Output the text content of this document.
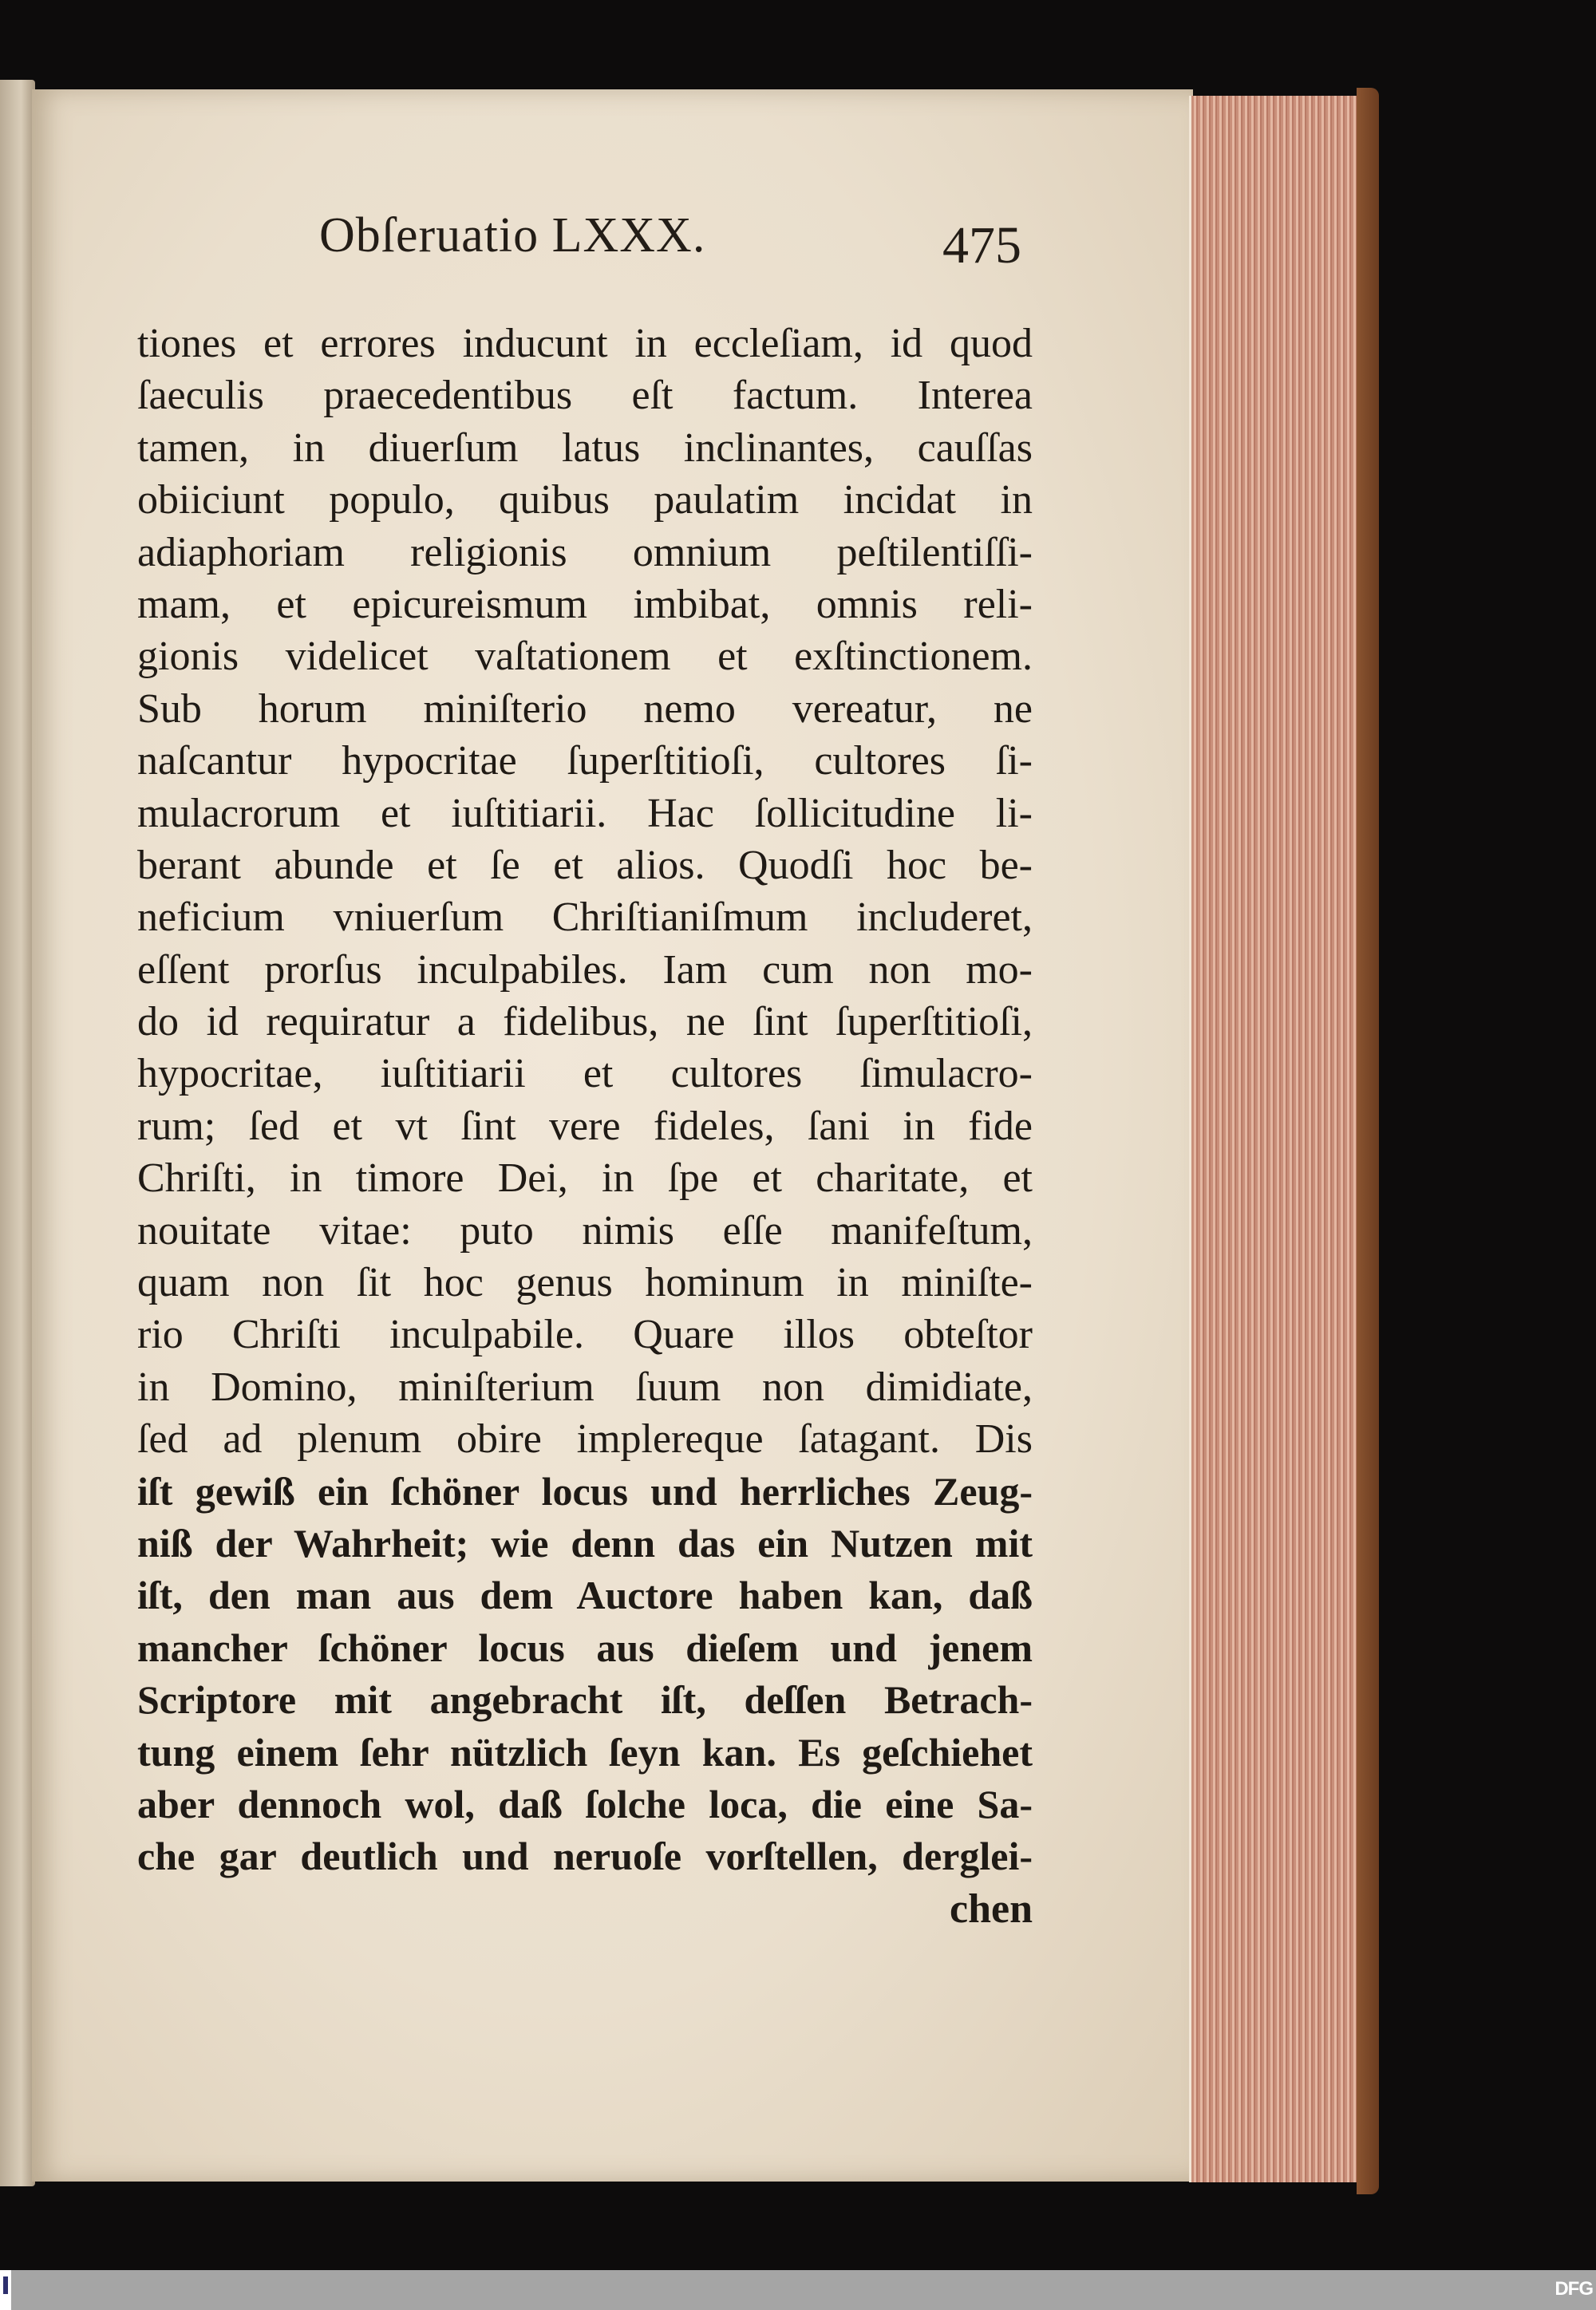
Obſeruatio LXXX.	475
tiones et errores inducunt in eccleſiam, id quod
ſaeculis praecedentibus eſt factum. Interea
tamen, in diuerſum latus inclinantes, cauſſas
obiiciunt populo, quibus paulatim incidat in
adiaphoriam religionis omnium peſtilentiſſi-
mam, et epicureismum imbibat, omnis reli-
gionis videlicet vaſtationem et exſtinctionem.
Sub horum miniſterio nemo vereatur, ne
naſcantur hypocritae ſuperſtitioſi, cultores ſi-
mulacrorum et iuſtitiarii. Hac ſollicitudine li-
berant abunde et ſe et alios. Quodſi hoc be-
neficium vniuerſum Chriſtianiſmum includeret,
eſſent prorſus inculpabiles. Iam cum non mo-
do id requiratur a fidelibus, ne ſint ſuperſtitioſi,
hypocritae, iuſtitiarii et cultores ſimulacro-
rum; ſed et vt ſint vere fideles, ſani in fide
Chriſti, in timore Dei, in ſpe et charitate, et
nouitate vitae: puto nimis eſſe manifeſtum,
quam non ſit hoc genus hominum in miniſte-
rio Chriſti inculpabile. Quare illos obteſtor
in Domino, miniſterium ſuum non dimidiate,
ſed ad plenum obire implereque ſatagant. Dis
iſt gewiß ein ſchöner locus und herrliches Zeug-
niß der Wahrheit; wie denn das ein Nutzen mit
iſt, den man aus dem Auctore haben kan, daß
mancher ſchöner locus aus dieſem und jenem
Scriptore mit angebracht iſt, deſſen Betrach-
tung einem ſehr nützlich ſeyn kan. Es geſchiehet
aber dennoch wol, daß ſolche loca, die eine Sa-
che gar deutlich und neruoſe vorſtellen, derglei-
chen
DFG
